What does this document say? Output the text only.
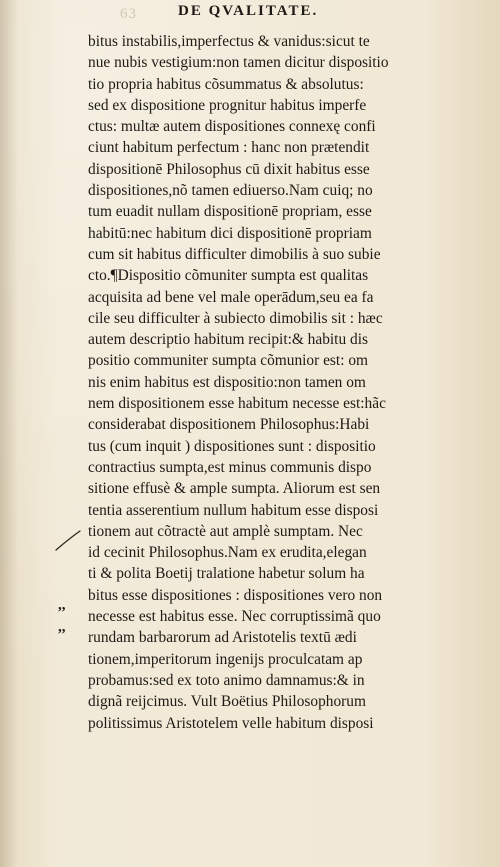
63	DE QVALITATE.
bitus instabilis,imperfectus & vanidus:sicut te
nue nubis vestigium:non tamen dicitur dispositio
tio propria habitus cõsummatus & absolutus:
sed ex dispositione prognitur habitus imperfe
ctus: multæ autem dispositiones connexę confi
ciunt habitum perfectum : hanc non prætendit
dispositionē Philosophus cū dixit habitus esse
dispositiones,nõ tamen ediuerso.Nam cuiq; no
tum euadit nullam dispositionē propriam, esse
habitū:nec habitum dici dispositionē propriam
cum sit habitus difficulter dimobilis à suo subie
cto.¶Dispositio cõmuniter sumpta est qualitas
acquisita ad bene vel male operādum,seu ea fa
cile seu difficulter à subiecto dimobilis sit : hæc
autem descriptio habitum recipit:& habitu dis
positio communiter sumpta cõmunior est: om
nis enim habitus est dispositio:non tamen om
nem dispositionem esse habitum necesse est:hãc
considerabat dispositionem Philosophus:Habi
tus (cum inquit ) dispositiones sunt : dispositio
contractius sumpta,est minus communis dispo
sitione effusè & ample sumpta. Aliorum est sen
tentia asserentium nullum habitum esse disposi
tionem aut cõtractè aut amplè sumptam. Nec
id cecinit Philosophus.Nam ex erudita,elegan
ti & polita Boetij tralatione habetur solum ha
bitus esse dispositiones : dispositiones vero non
necesse est habitus esse. Nec corruptissimã quo
rundam barbarorum ad Aristotelis textū ædi
tionem,imperitorum ingenijs proculcatam ap
probamus:sed ex toto animo damnamus:& in
dignã reijcimus. Vult Boëtius Philosophorum
politissimus Aristotelem velle habitum disposi
,,
,,
